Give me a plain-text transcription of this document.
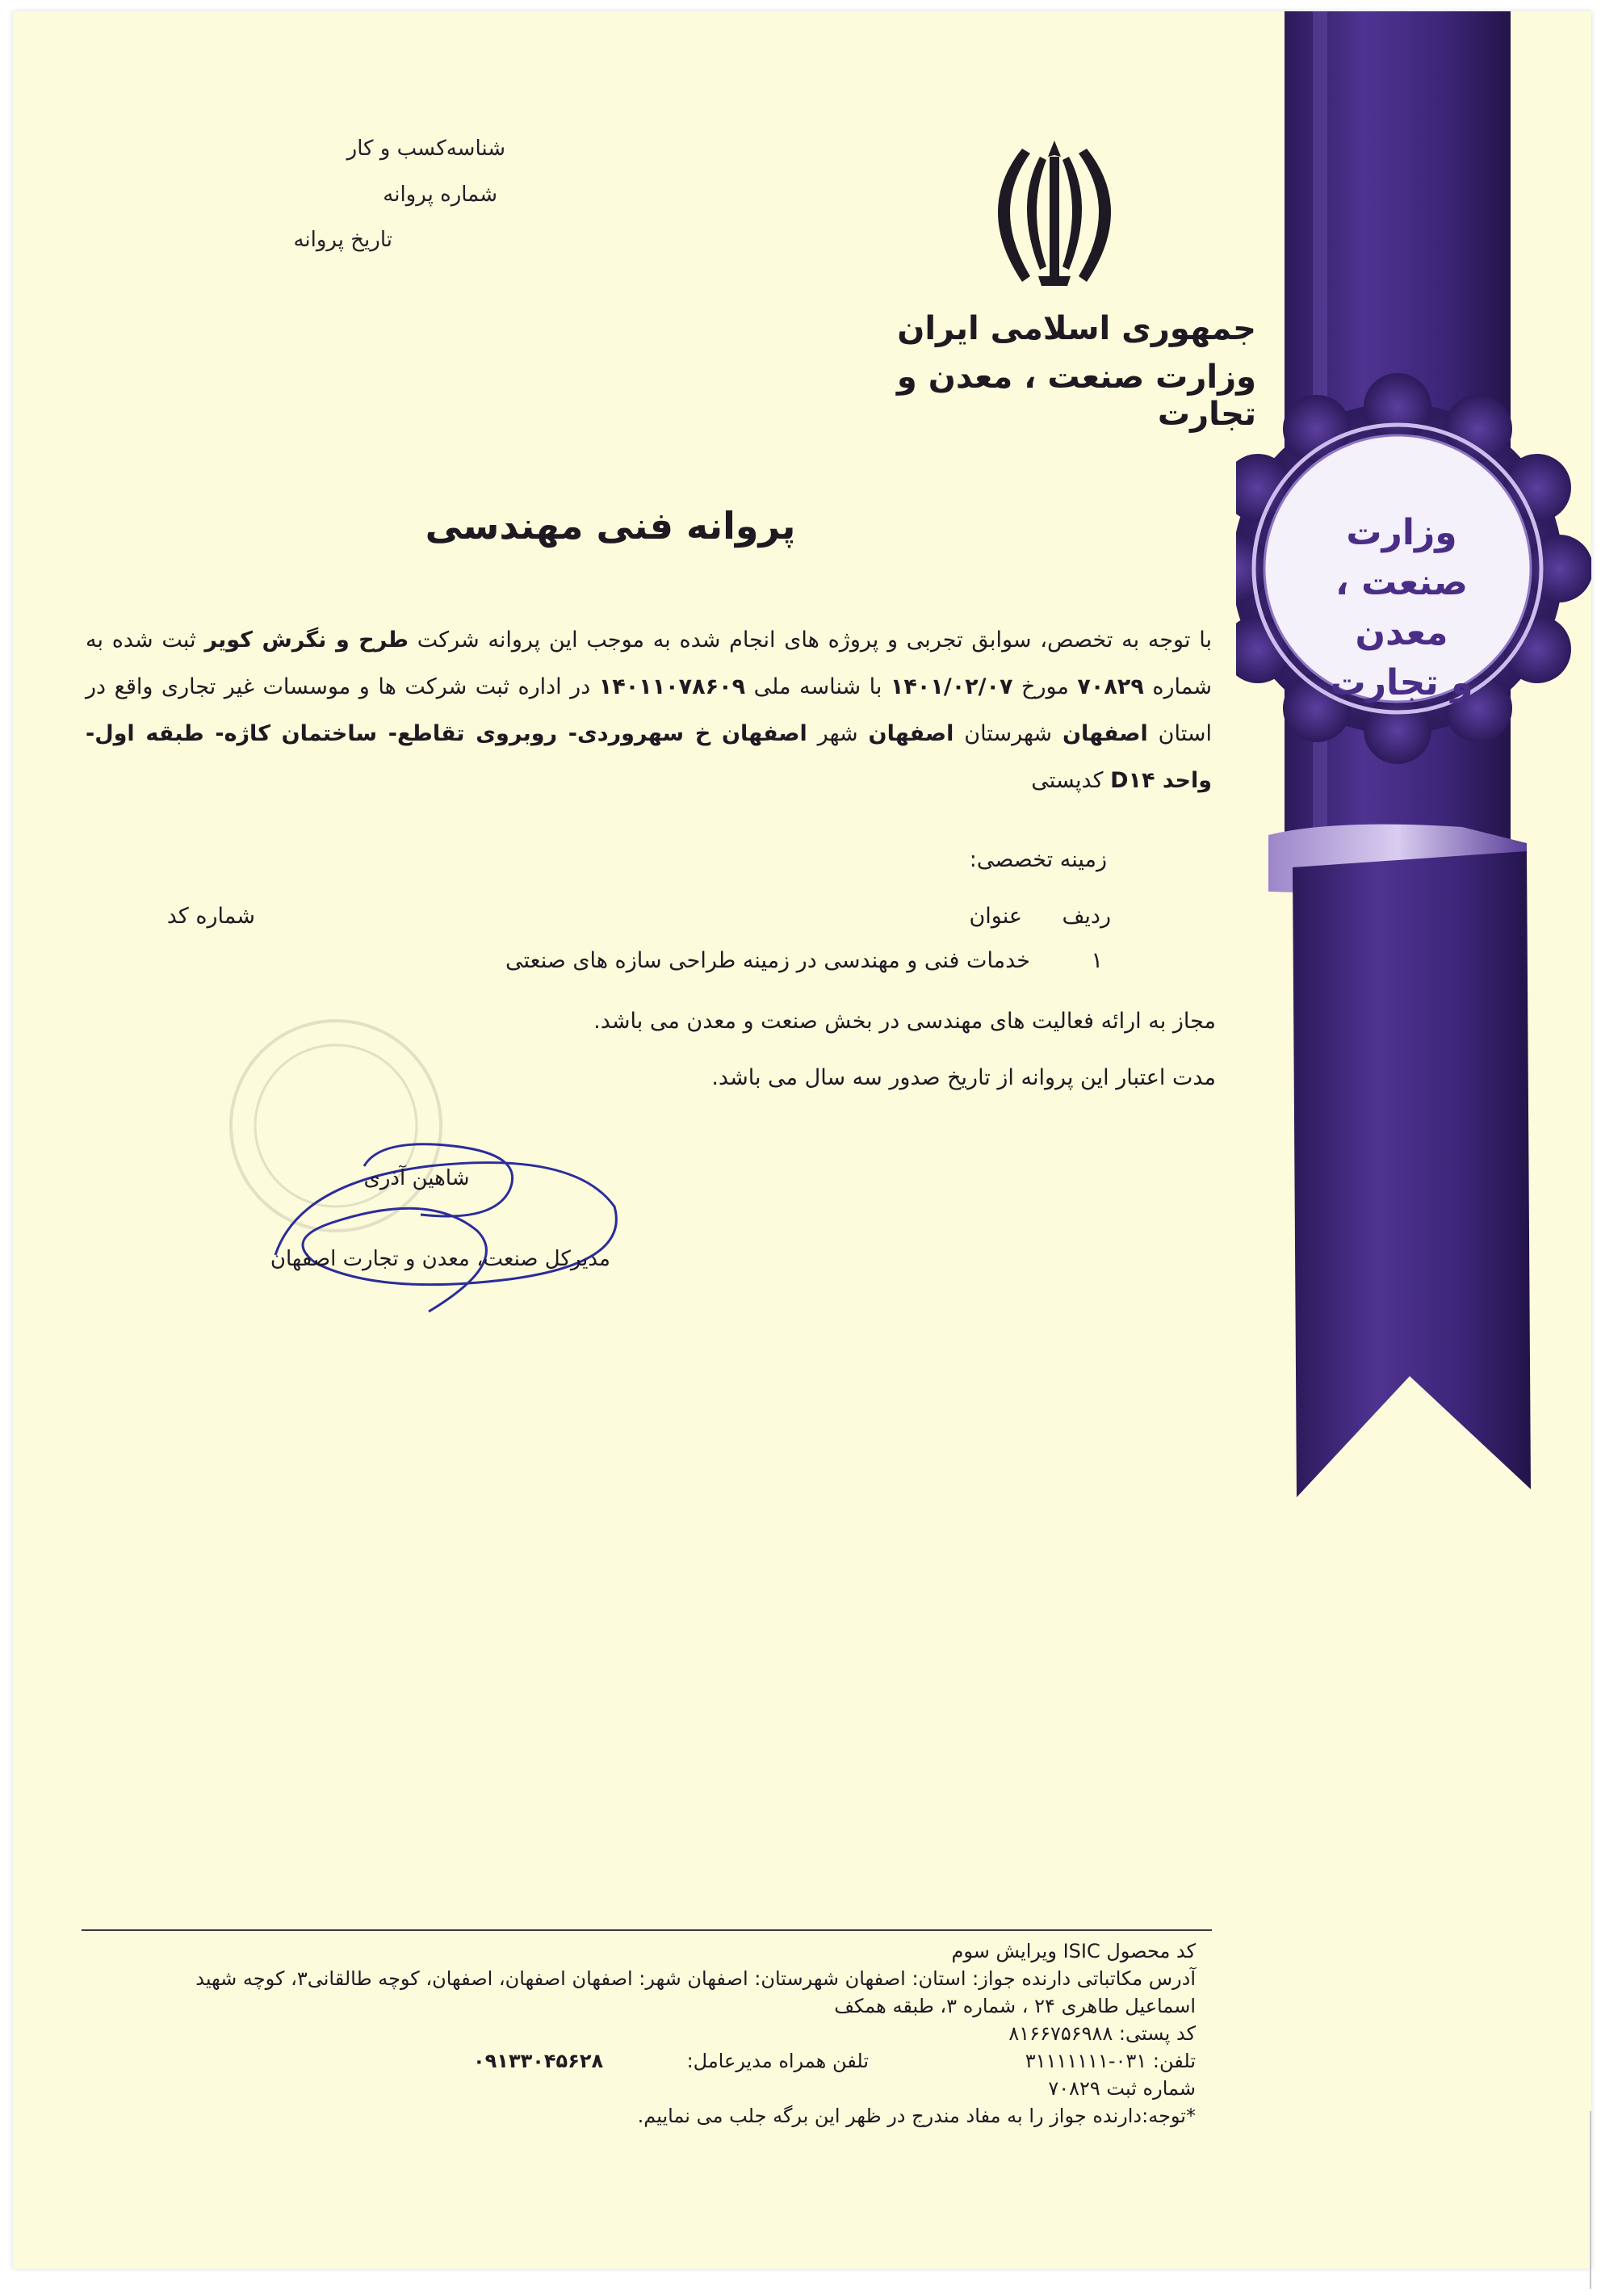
وزارت
صنعت ، معدن
و تجارت
جمهوری اسلامی ایران
وزارت صنعت ، معدن و تجارت
شناسه‌کسب و کار
شماره پروانه
تاریخ پروانه
پروانه فنی مهندسی
با توجه به تخصص، سوابق تجربی و پروژه های انجام شده به موجب این پروانه شرکت طرح و نگرش کویر ثبت شده به شماره ۷۰۸۲۹ مورخ ۱۴۰۱/۰۲/۰۷ با شناسه ملی ۱۴۰۱۱۰۷۸۶۰۹ در اداره ثبت شرکت ها و موسسات غیر تجاری واقع در استان اصفهان شهرستان اصفهان شهر اصفهان خ سهروردی- روبروی تقاطع- ساختمان کاژه- طبقه اول- واحد D۱۴ کدپستی
زمینه تخصصی:
ردیف
عنوان
شماره کد
۱
خدمات فنی و مهندسی در زمینه طراحی سازه های صنعتی
مجاز به ارائه فعالیت های مهندسی در بخش صنعت و معدن می باشد.
مدت اعتبار این پروانه از تاریخ صدور سه سال می باشد.
شاهین آذری
مدیرکل صنعت، معدن و تجارت اصفهان
کد محصول ISIC ویرایش سوم
آدرس مکاتباتی دارنده جواز: استان: اصفهان شهرستان: اصفهان شهر: اصفهان اصفهان، اصفهان، کوچه طالقانی۳، کوچه شهید
اسماعیل طاهری ۲۴ ، شماره ۳، طبقه همکف
کد پستی: ۸۱۶۶۷۵۶۹۸۸
تلفن: ۰۳۱-۳۱۱۱۱۱۱۱
تلفن همراه مدیرعامل:
۰۹۱۳۳۰۴۵۶۲۸
شماره ثبت ۷۰۸۲۹
*توجه:دارنده جواز را به مفاد مندرج در ظهر این برگه جلب می نماییم.
